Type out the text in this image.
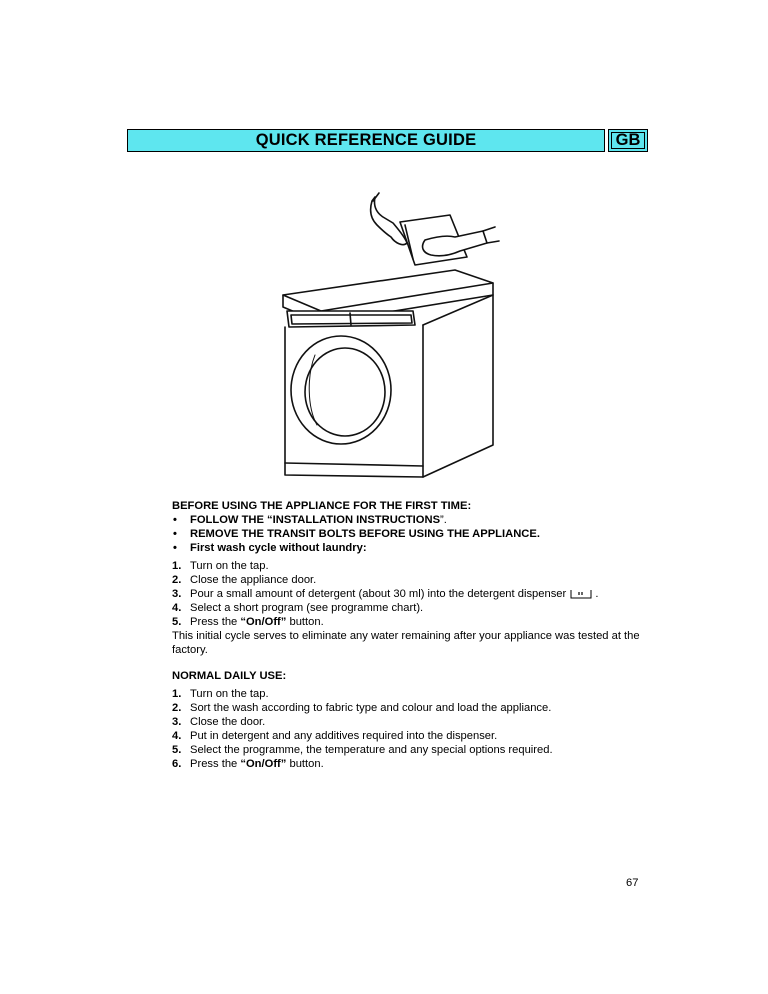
QUICK REFERENCE GUIDE	GB
BEFORE USING THE APPLIANCE FOR THE FIRST TIME:
• FOLLOW THE “INSTALLATION INSTRUCTIONS”.
• REMOVE THE TRANSIT BOLTS BEFORE USING THE APPLIANCE.
• First wash cycle without laundry:
1. Turn on the tap.
2. Close the appliance door.
3. Pour a small amount of detergent (about 30 ml) into the detergent dispenser .
4. Select a short program (see programme chart).
5. Press the “On/Off” button.

This initial cycle serves to eliminate any water remaining after your appliance was tested at the factory.

NORMAL DAILY USE:
1. Turn on the tap.
2. Sort the wash according to fabric type and colour and load the appliance.
3. Close the door.
4. Put in detergent and any additives required into the dispenser.
5. Select the programme, the temperature and any special options required.
6. Press the “On/Off” button.
67
